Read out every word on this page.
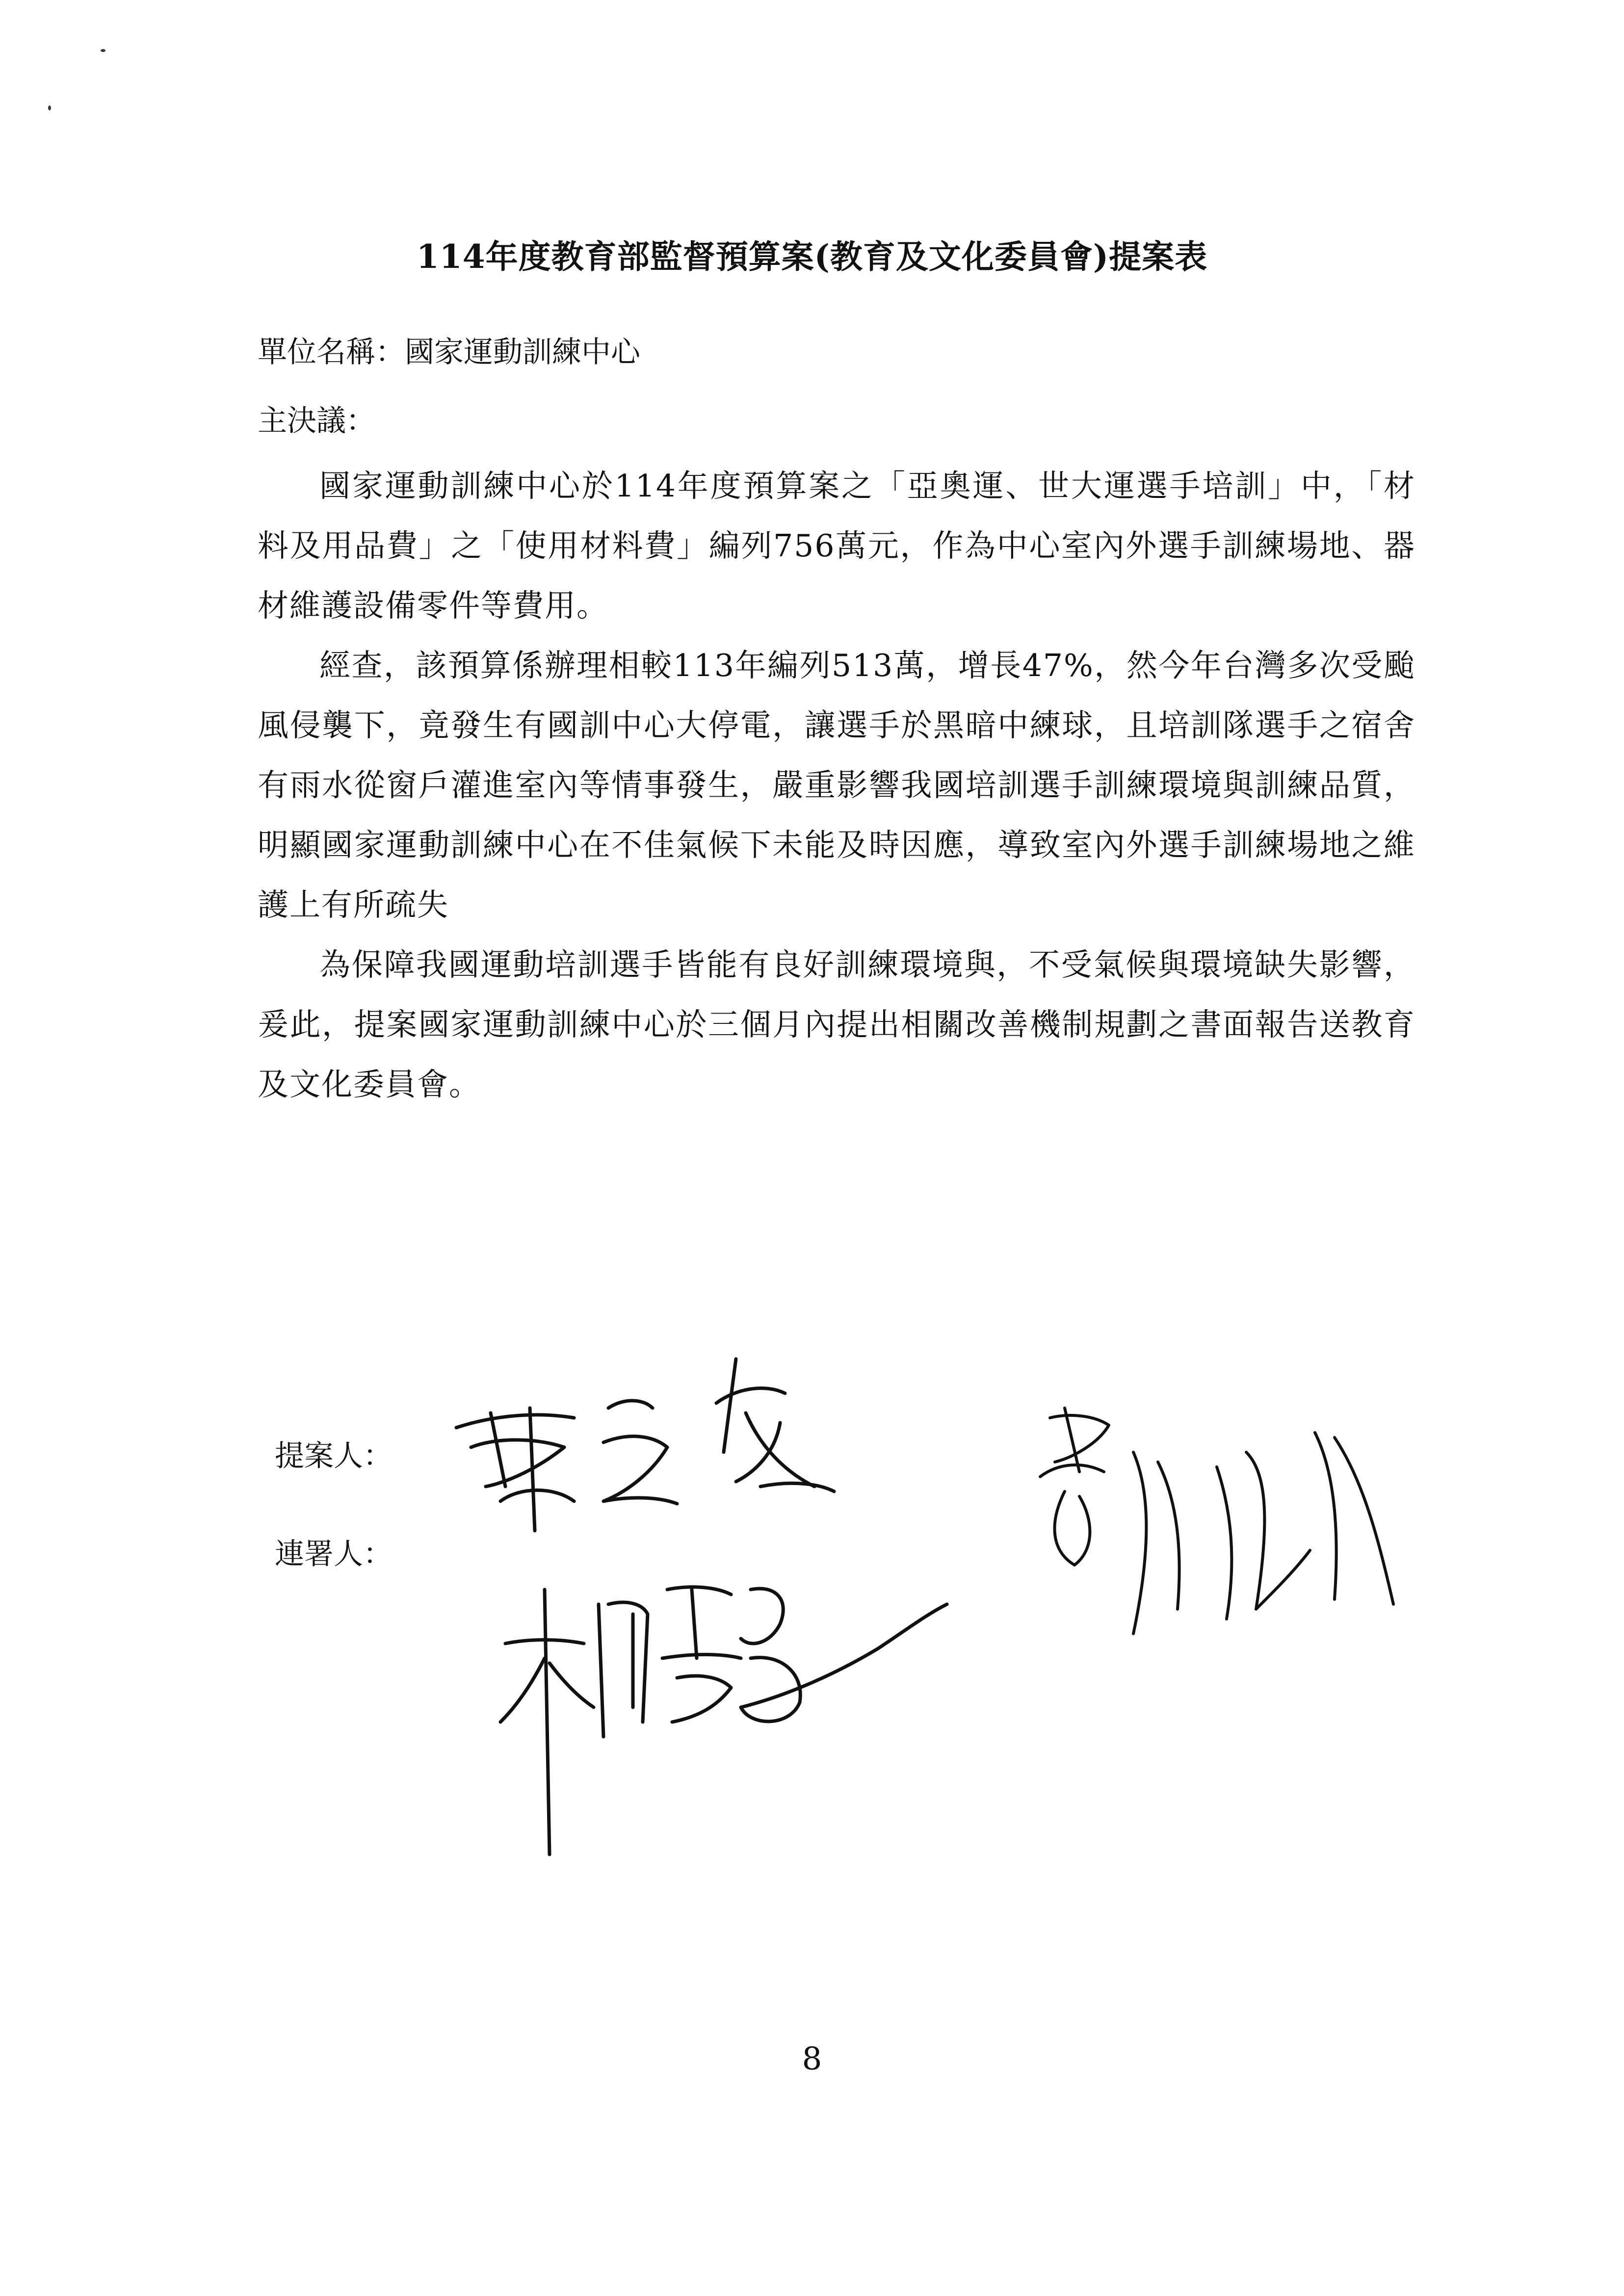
114年度教育部監督預算案(教育及文化委員會)提案表
單位名稱：國家運動訓練中心
主決議：

國家運動訓練中心於114年度預算案之「亞奧運、世大運選手培訓」中，「材料及用品費」之「使用材料費」編列756萬元，作為中心室內外選手訓練場地、器材維護設備零件等費用。

經查，該預算係辦理相較113年編列513萬，增長47%，然今年台灣多次受颱風侵襲下，竟發生有國訓中心大停電，讓選手於黑暗中練球，且培訓隊選手之宿舍有雨水從窗戶灌進室內等情事發生，嚴重影響我國培訓選手訓練環境與訓練品質，明顯國家運動訓練中心在不佳氣候下未能及時因應，導致室內外選手訓練場地之維護上有所疏失

為保障我國運動培訓選手皆能有良好訓練環境與，不受氣候與環境缺失影響，爰此，提案國家運動訓練中心於三個月內提出相關改善機制規劃之書面報告送教育及文化委員會。

提案人：
連署人：
8
